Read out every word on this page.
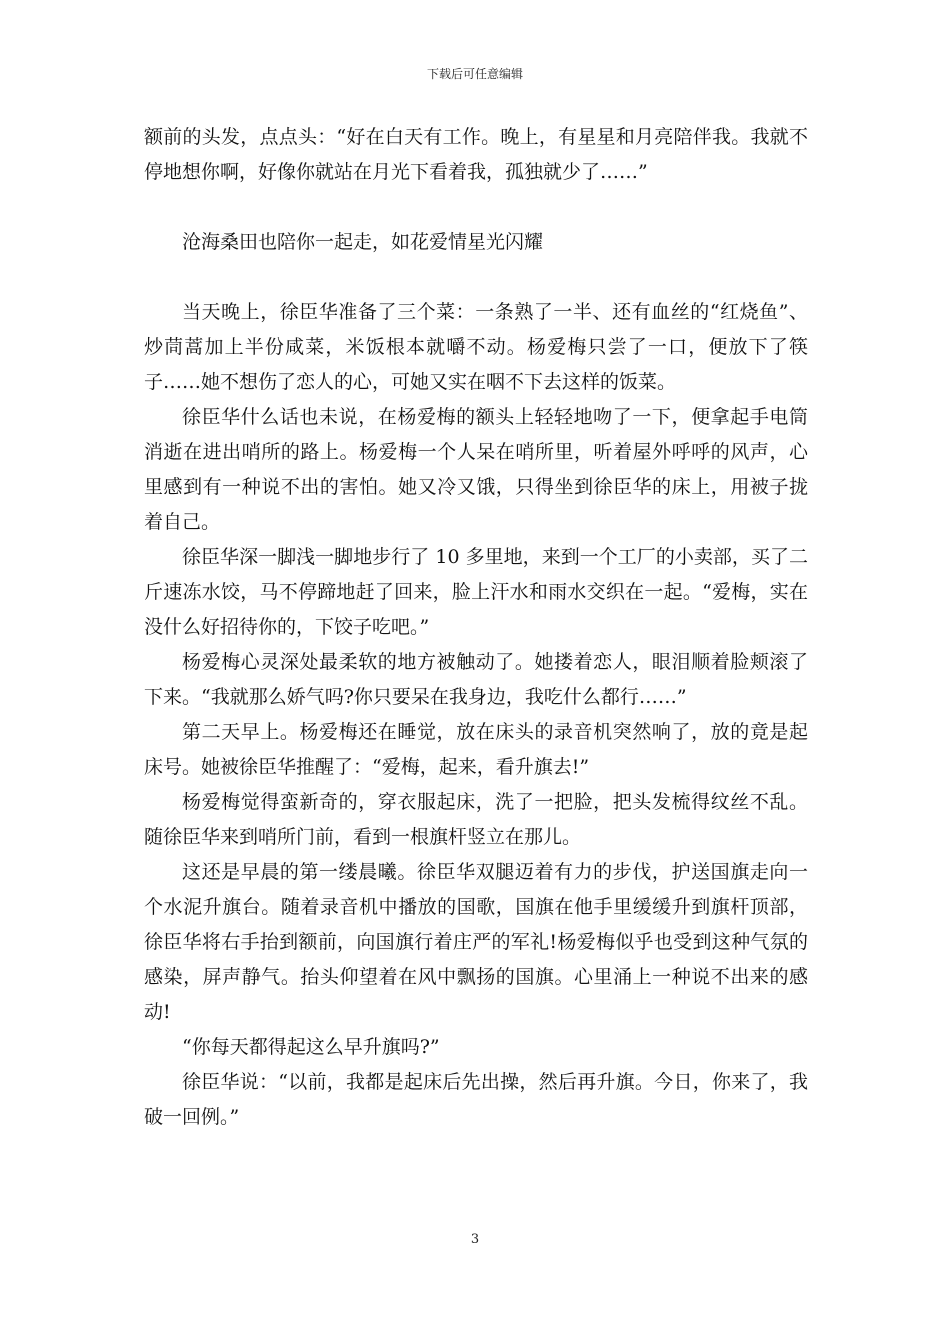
下载后可任意编辑

额前的头发，点点头：“好在白天有工作。晚上，有星星和月亮陪伴我。我就不停地想你啊，好像你就站在月光下看着我，孤独就少了……”

沧海桑田也陪你一起走，如花爱情星光闪耀

当天晚上，徐臣华准备了三个菜：一条熟了一半、还有血丝的“红烧鱼”、炒茼蒿加上半份咸菜，米饭根本就嚼不动。杨爱梅只尝了一口，便放下了筷子……她不想伤了恋人的心，可她又实在咽不下去这样的饭菜。

徐臣华什么话也未说，在杨爱梅的额头上轻轻地吻了一下，便拿起手电筒消逝在进出哨所的路上。杨爱梅一个人呆在哨所里，听着屋外呼呼的风声，心里感到有一种说不出的害怕。她又冷又饿，只得坐到徐臣华的床上，用被子拢着自己。

徐臣华深一脚浅一脚地步行了 10 多里地，来到一个工厂的小卖部，买了二斤速冻水饺，马不停蹄地赶了回来，脸上汗水和雨水交织在一起。“爱梅，实在没什么好招待你的，下饺子吃吧。”

杨爱梅心灵深处最柔软的地方被触动了。她搂着恋人，眼泪顺着脸颊滚了下来。“我就那么娇气吗?你只要呆在我身边，我吃什么都行……”

第二天早上。杨爱梅还在睡觉，放在床头的录音机突然响了，放的竟是起床号。她被徐臣华推醒了：“爱梅，起来，看升旗去!”

杨爱梅觉得蛮新奇的，穿衣服起床，洗了一把脸，把头发梳得纹丝不乱。随徐臣华来到哨所门前，看到一根旗杆竖立在那儿。

这还是早晨的第一缕晨曦。徐臣华双腿迈着有力的步伐，护送国旗走向一个水泥升旗台。随着录音机中播放的国歌，国旗在他手里缓缓升到旗杆顶部，徐臣华将右手抬到额前，向国旗行着庄严的军礼!杨爱梅似乎也受到这种气氛的感染，屏声静气。抬头仰望着在风中飘扬的国旗。心里涌上一种说不出来的感动!

“你每天都得起这么早升旗吗?”

徐臣华说：“以前，我都是起床后先出操，然后再升旗。今日，你来了，我破一回例。”

3
